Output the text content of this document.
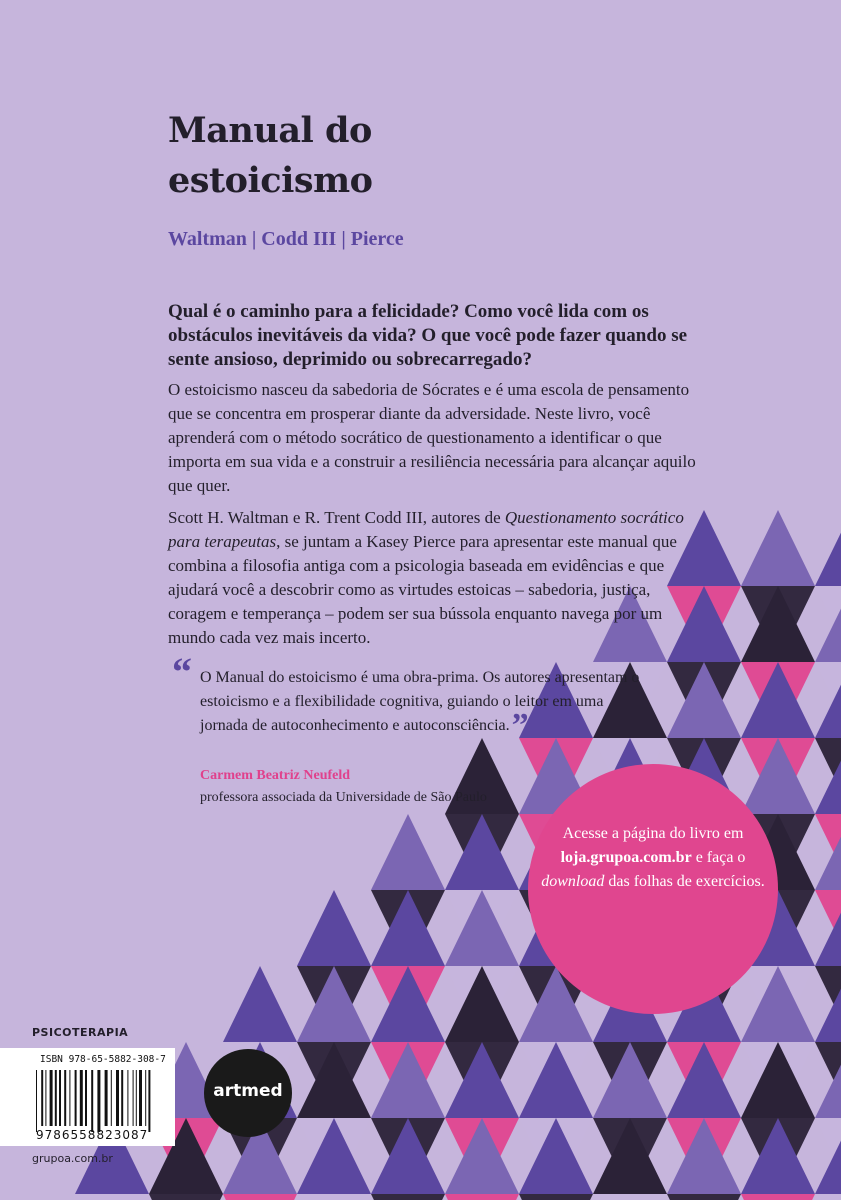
Manual do
estoicismo
Waltman | Codd III | Pierce
Qual é o caminho para a felicidade? Como você lida com os obstáculos inevitáveis da vida? O que você pode fazer quando se sente ansioso, deprimido ou sobrecarregado?
O estoicismo nasceu da sabedoria de Sócrates e é uma escola de pensamento que se concentra em prosperar diante da adversidade. Neste livro, você aprenderá com o método socrático de questionamento a identificar o que importa em sua vida e a construir a resiliência necessária para alcançar aquilo que quer.
Scott H. Waltman e R. Trent Codd III, autores de Questionamento socrático para terapeutas, se juntam a Kasey Pierce para apresentar este manual que combina a filosofia antiga com a psicologia baseada em evidências e que ajudará você a descobrir como as virtudes estoicas – sabedoria, justiça, coragem e temperança – podem ser sua bússola enquanto navega por um mundo cada vez mais incerto.
“ O Manual do estoicismo é uma obra-prima. Os autores apresentam o estoicismo e a flexibilidade cognitiva, guiando o leitor em uma jornada de autoconhecimento e autoconsciência.”
Carmem Beatriz Neufeld
professora associada da Universidade de São Paulo
Acesse a página do livro em loja.grupoa.com.br e faça o download das folhas de exercícios.
PSICOTERAPIA
ISBN 978-65-5882-308-7
9786558823087
artmed
grupoa.com.br
